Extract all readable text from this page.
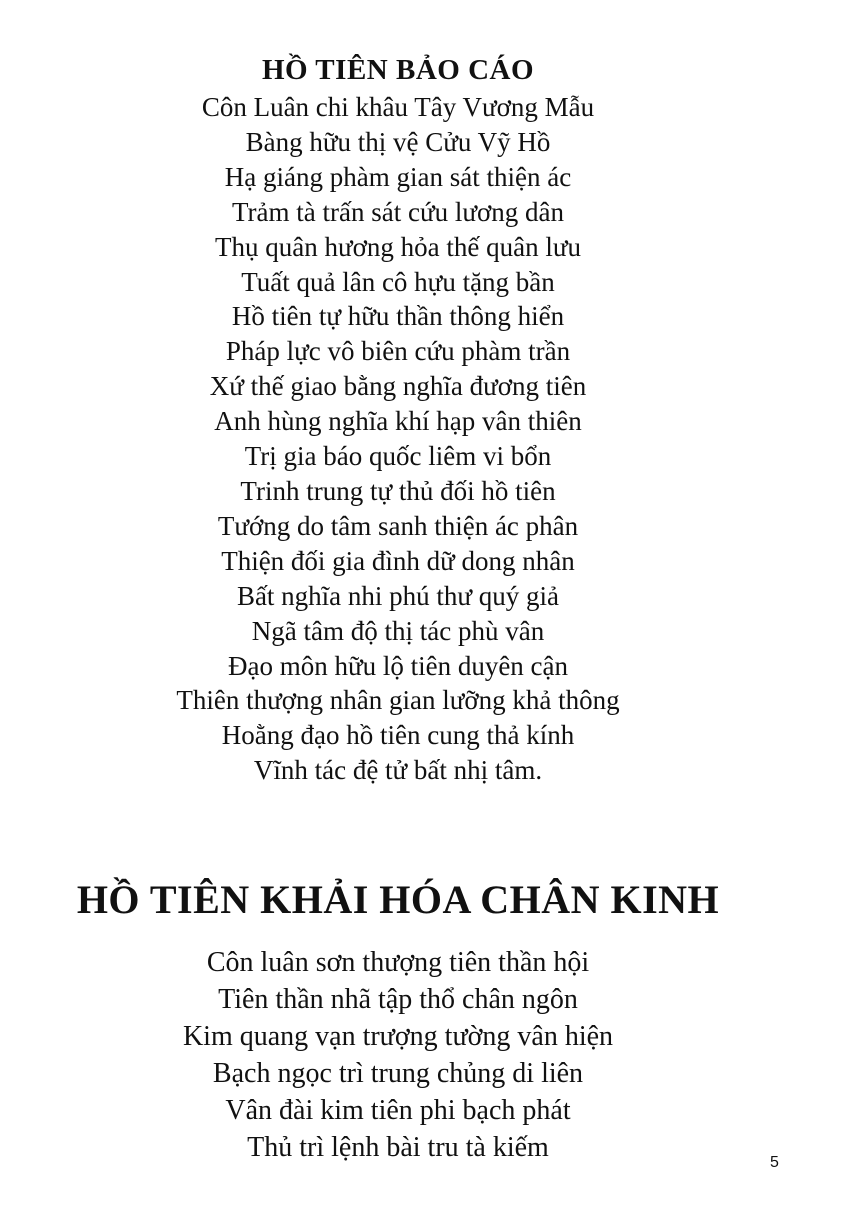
HỒ TIÊN BẢO CÁO
Côn Luân chi khâu Tây Vương Mẫu
Bàng hữu thị vệ Cửu Vỹ Hồ
Hạ giáng phàm gian sát thiện ác
Trảm tà trấn sát cứu lương dân
Thụ quân hương hỏa thế quân lưu
Tuất quả lân cô hựu tặng bần
Hồ tiên tự hữu thần thông hiển
Pháp lực vô biên cứu phàm trần
Xứ thế giao bằng nghĩa đương tiên
Anh hùng nghĩa khí hạp vân thiên
Trị gia báo quốc liêm vi bổn
Trinh trung tự thủ đối hồ tiên
Tướng do tâm sanh thiện ác phân
Thiện đối gia đình dữ dong nhân
Bất nghĩa nhi phú thư quý giả
Ngã tâm độ thị tác phù vân
Đạo môn hữu lộ tiên duyên cận
Thiên thượng nhân gian lưỡng khả thông
Hoằng đạo hồ tiên cung thả kính
Vĩnh tác đệ tử bất nhị tâm.
HỒ TIÊN KHẢI HÓA CHÂN KINH
Côn luân sơn thượng tiên thần hội
Tiên thần nhã tập thổ chân ngôn
Kim quang vạn trượng tường vân hiện
Bạch ngọc trì trung chủng di liên
Vân đài kim tiên phi bạch phát
Thủ trì lệnh bài tru tà kiếm	5
